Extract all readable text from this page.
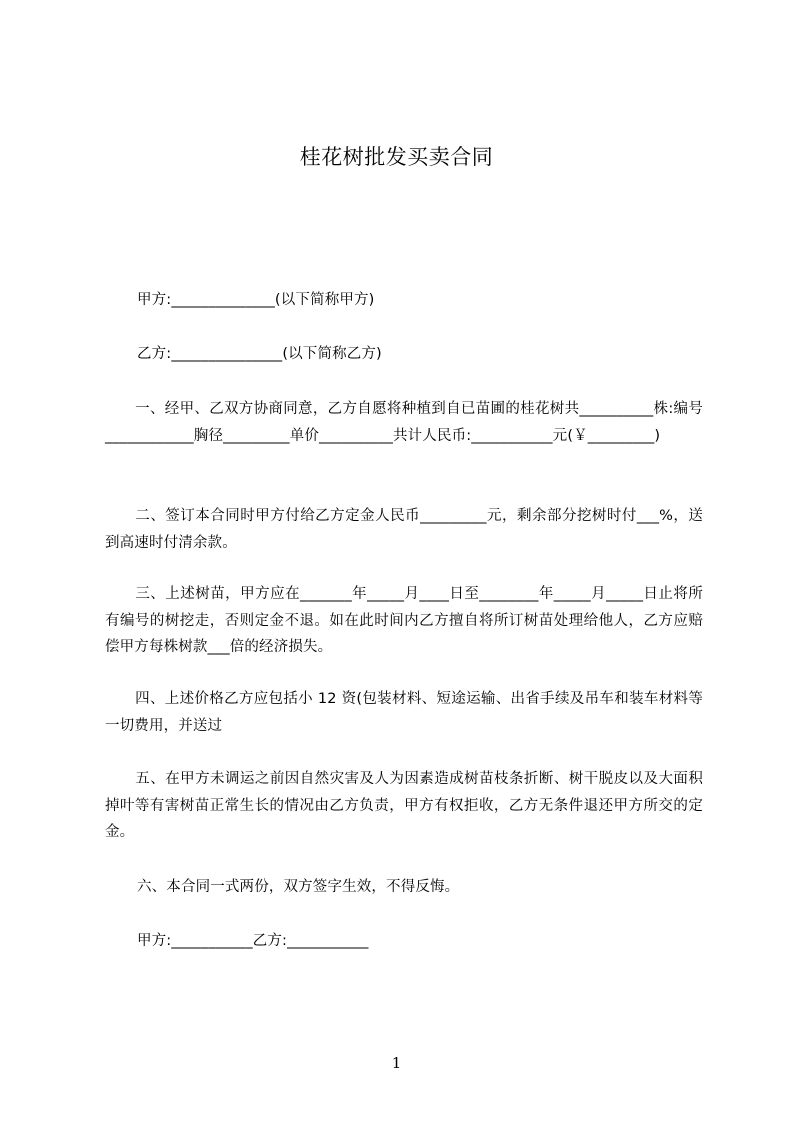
桂花树批发买卖合同
甲方:______________(以下简称甲方)
乙方:_______________(以下简称乙方)
一、经甲、乙双方协商同意，乙方自愿将种植到自已苗圃的桂花树共__________株:编号____________胸径_________单价__________共计人民币:___________元(￥_________)
二、签订本合同时甲方付给乙方定金人民币_________元，剩余部分挖树时付___%，送到高速时付清余款。
三、上述树苗，甲方应在_______年_____月____日至________年_____月_____日止将所有编号的树挖走，否则定金不退。如在此时间内乙方擅自将所订树苗处理给他人，乙方应赔偿甲方每株树款___倍的经济损失。
四、上述价格乙方应包括小 12 资(包装材料、短途运输、出省手续及吊车和装车材料等一切费用，并送过
五、在甲方未调运之前因自然灾害及人为因素造成树苗枝条折断、树干脱皮以及大面积掉叶等有害树苗正常生长的情况由乙方负责，甲方有权拒收，乙方无条件退还甲方所交的定金。
六、本合同一式两份，双方签字生效，不得反悔。
甲方:___________乙方:___________
1
